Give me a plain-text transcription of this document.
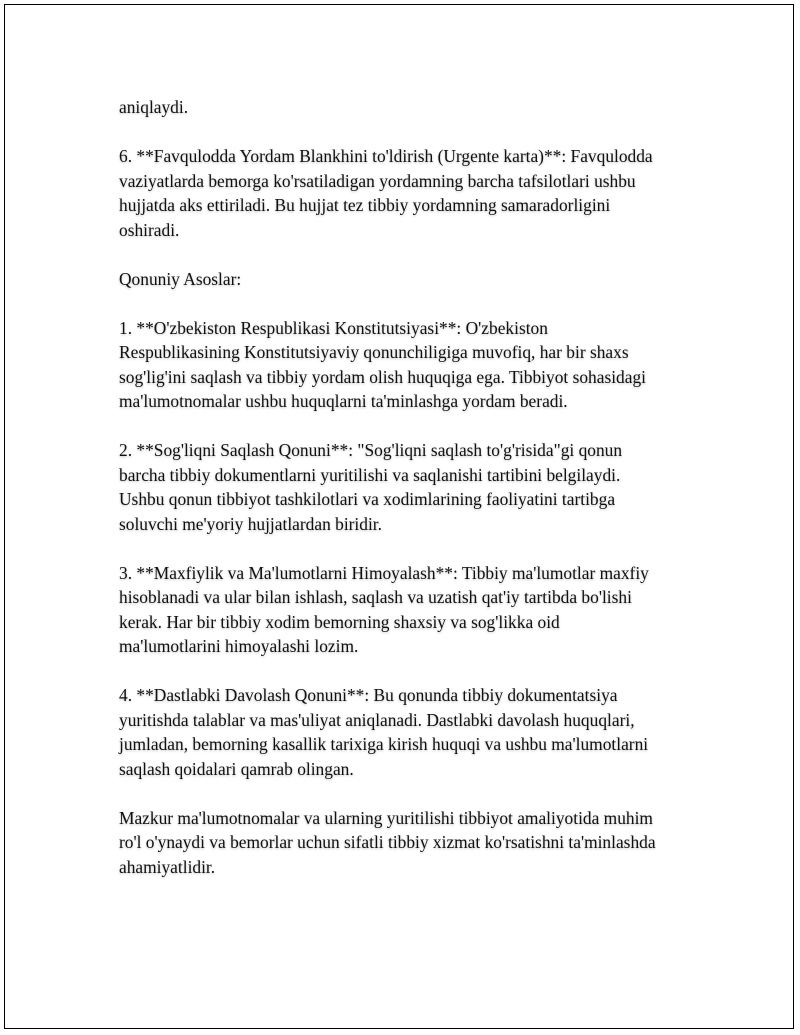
aniqlaydi.
6. **Favqulodda Yordam Blankhini to'ldirish (Urgente karta)**: Favqulodda
vaziyatlarda bemorga ko'rsatiladigan yordamning barcha tafsilotlari ushbu
hujjatda aks ettiriladi. Bu hujjat tez tibbiy yordamning samaradorligini
oshiradi.
Qonuniy Asoslar:
1. **O'zbekiston Respublikasi Konstitutsiyasi**: O'zbekiston
Respublikasining Konstitutsiyaviy qonunchiligiga muvofiq, har bir shaxs
sog'lig'ini saqlash va tibbiy yordam olish huquqiga ega. Tibbiyot sohasidagi
ma'lumotnomalar ushbu huquqlarni ta'minlashga yordam beradi.
2. **Sog'liqni Saqlash Qonuni**: "Sog'liqni saqlash to'g'risida"gi qonun
barcha tibbiy dokumentlarni yuritilishi va saqlanishi tartibini belgilaydi.
Ushbu qonun tibbiyot tashkilotlari va xodimlarining faoliyatini tartibga
soluvchi me'yoriy hujjatlardan biridir.
3. **Maxfiylik va Ma'lumotlarni Himoyalash**: Tibbiy ma'lumotlar maxfiy
hisoblanadi va ular bilan ishlash, saqlash va uzatish qat'iy tartibda bo'lishi
kerak. Har bir tibbiy xodim bemorning shaxsiy va sog'likka oid
ma'lumotlarini himoyalashi lozim.
4. **Dastlabki Davolash Qonuni**: Bu qonunda tibbiy dokumentatsiya
yuritishda talablar va mas'uliyat aniqlanadi. Dastlabki davolash huquqlari,
jumladan, bemorning kasallik tarixiga kirish huquqi va ushbu ma'lumotlarni
saqlash qoidalari qamrab olingan.
Mazkur ma'lumotnomalar va ularning yuritilishi tibbiyot amaliyotida muhim
ro'l o'ynaydi va bemorlar uchun sifatli tibbiy xizmat ko'rsatishni ta'minlashda
ahamiyatlidir.
